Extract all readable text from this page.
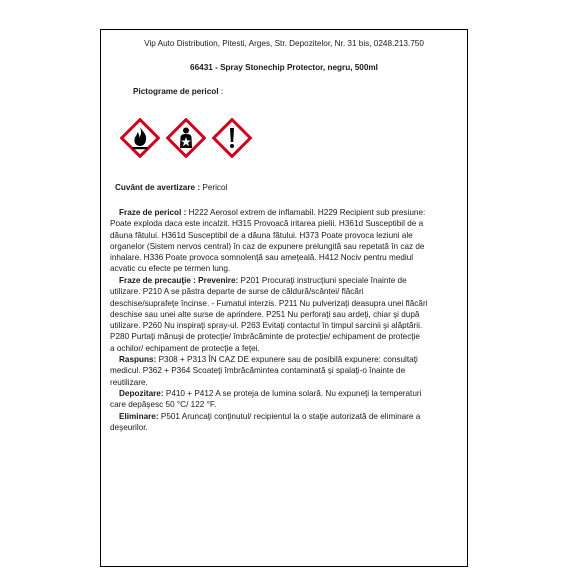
Vip Auto Distribution, Pitesti, Arges, Str. Depozitelor, Nr. 31 bis, 0248.213.750
66431 - Spray Stonechip Protector, negru, 500ml
Pictograme de pericol :
Cuvânt de avertizare : Pericol
Fraze de pericol : H222 Aerosol extrem de inflamabil. H229 Recipient sub presiune:
Poate exploda daca este incalzit. H315 Provoacă iritarea pielii. H361d Susceptibil de a
dăuna fătului. H361d Susceptibil de a dăuna fătului. H373 Poate provoca leziuni ale
organelor (Sistem nervos central) în caz de expunere prelungită sau repetată în caz de
inhalare. H336 Poate provoca somnolenţă sau ameţeală. H412 Nociv pentru mediul
acvatic cu efecte pe termen lung.
Fraze de precauţie : Prevenire: P201 Procuraţi instrucţiuni speciale înainte de
utilizare. P210 A se păstra departe de surse de căldură/scântei/ flăcări
deschise/suprafeţe încinse. - Fumatul interzis. P211 Nu pulverizaţi deasupra unei flăcări
deschise sau unei alte surse de aprindere. P251 Nu perforaţi sau ardeţi, chiar şi după
utilizare. P260 Nu inspiraţi spray-ul. P263 Evitaţi contactul în timpul sarcinii şi alăptării.
P280 Purtaţi mănuşi de protecţie/ îmbrăcăminte de protecţie/ echipament de protecţie
a ochilor/ echipament de protecţie a feţei.
Raspuns: P308 + P313 ÎN CAZ DE expunere sau de posibilă expunere: consultaţi
medicul. P362 + P364 Scoateţi îmbrăcămintea contaminată şi spalaţi-o înainte de
reutilizare.
Depozitare: P410 + P412 A se proteja de lumina solară. Nu expuneţi la temperaturi
care depăşesc 50 °C/ 122 °F.
Eliminare: P501 Aruncaţi conţinutul/ recipientul la o staţie autorizată de eliminare a
deşeurilor.
